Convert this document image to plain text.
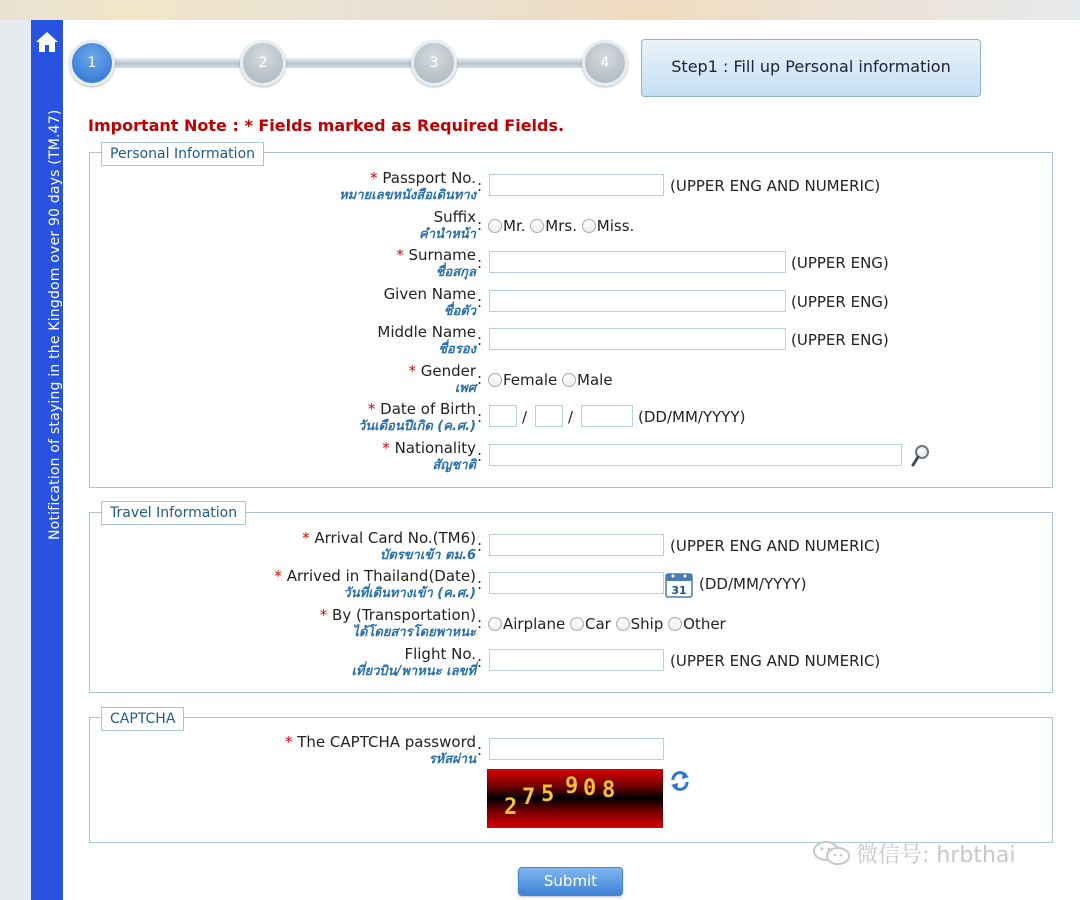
Notification of staying in the Kingdom over 90 days (TM.47)
1	2	3	4	Step1 : Fill up Personal information
Important Note : * Fields marked as Required Fields.
Personal Information
* Passport No.
หมายเลขหนังสือเดินทาง
:	(UPPER ENG AND NUMERIC)
Suffix
คำนำหน้า
:	Mr. Mrs. Miss.
* Surname
ชื่อสกุล
:	(UPPER ENG)
Given Name
ชื่อตัว
:	(UPPER ENG)
Middle Name
ชื่อรอง
:	(UPPER ENG)
* Gender
เพศ
:	Female Male
* Date of Birth
วันเดือนปีเกิด (ค.ศ.)
:	/	/	(DD/MM/YYYY)
* Nationality
สัญชาติ
:
Travel Information
* Arrival Card No.(TM6)
บัตรขาเข้า ตม.6
:	(UPPER ENG AND NUMERIC)
* Arrived in Thailand(Date)
วันที่เดินทางเข้า (ค.ศ.)
:	31 (DD/MM/YYYY)
* By (Transportation)
ได้โดยสารโดยพาหนะ
:	Airplane Car Ship Other
Flight No.
เที่ยวบิน/พาหนะ เลขที่
:	(UPPER ENG AND NUMERIC)
CAPTCHA
* The CAPTCHA password
รหัสผ่าน
:
2 7 5 9 0 8
Submit
微信号: hrbthai
